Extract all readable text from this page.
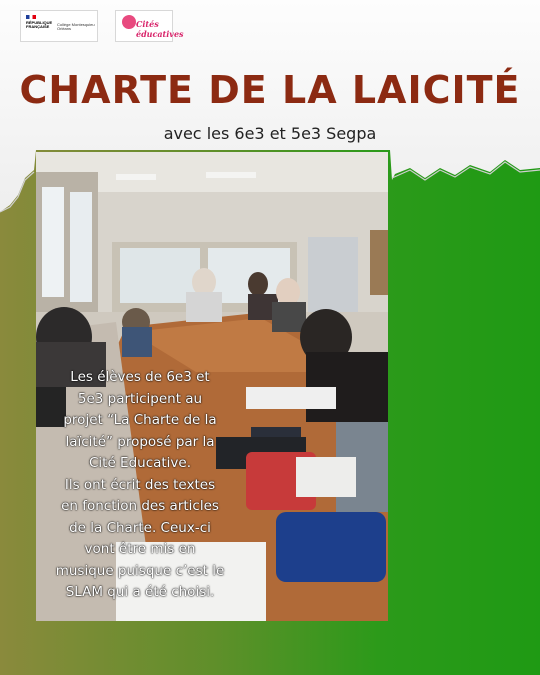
RÉPUBLIQUE FRANÇAISE	Collège Montesquieu Orléans	Cités éducatives
CHARTE DE LA LAICITÉ
avec les 6e3 et 5e3 Segpa
Les élèves de 6e3 et
5e3 participent au
projet “La Charte de la
laïcité” proposé par la
Cité Educative.
Ils ont écrit des textes
en fonction des articles
de la Charte. Ceux-ci
vont être mis en
musique puisque c’est le
SLAM qui a été choisi.
